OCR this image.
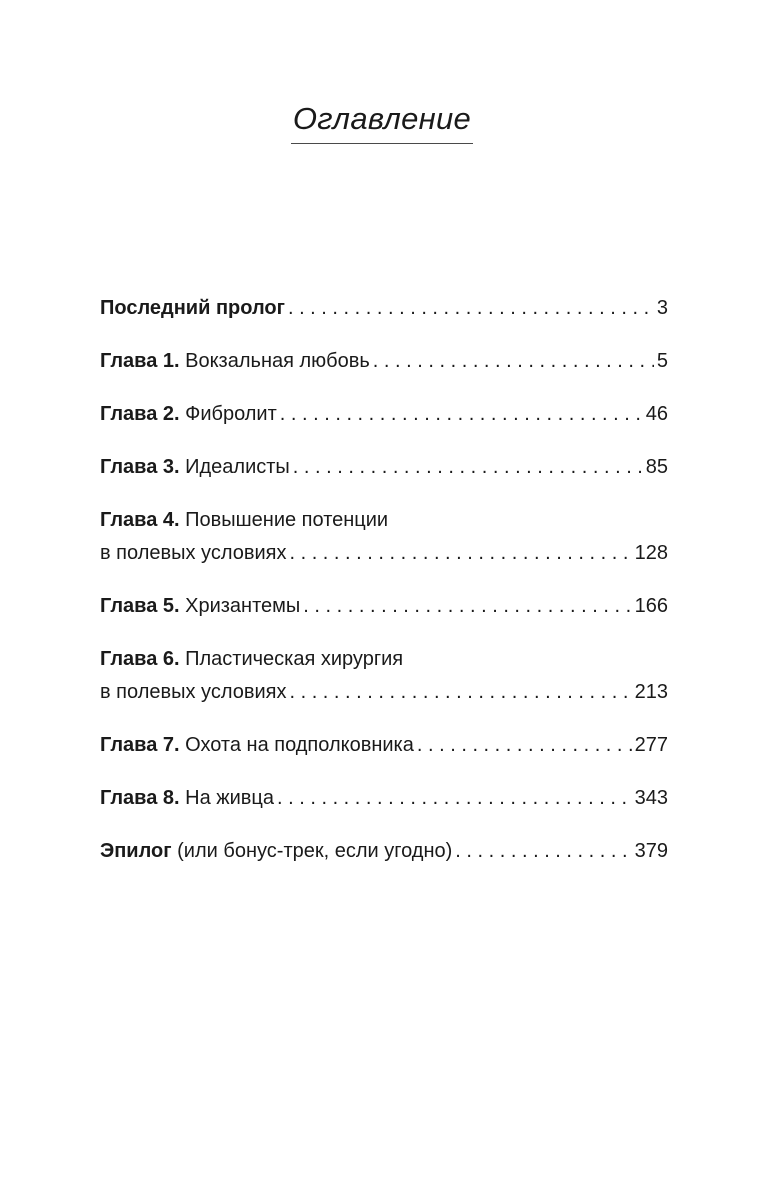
Оглавление
Последний пролог . . .	3
Глава 1. Вокзальная любовь . . .	5
Глава 2. Фибролит . . .	46
Глава 3. Идеалисты . . .	85
Глава 4. Повышение потенции
в полевых условиях . . .	128
Глава 5. Хризантемы . . .	166
Глава 6. Пластическая хирургия
в полевых условиях . . .	213
Глава 7. Охота на подполковника . . .	277
Глава 8. На живца . . .	343
Эпилог (или бонус-трек, если угодно) . . .	379
